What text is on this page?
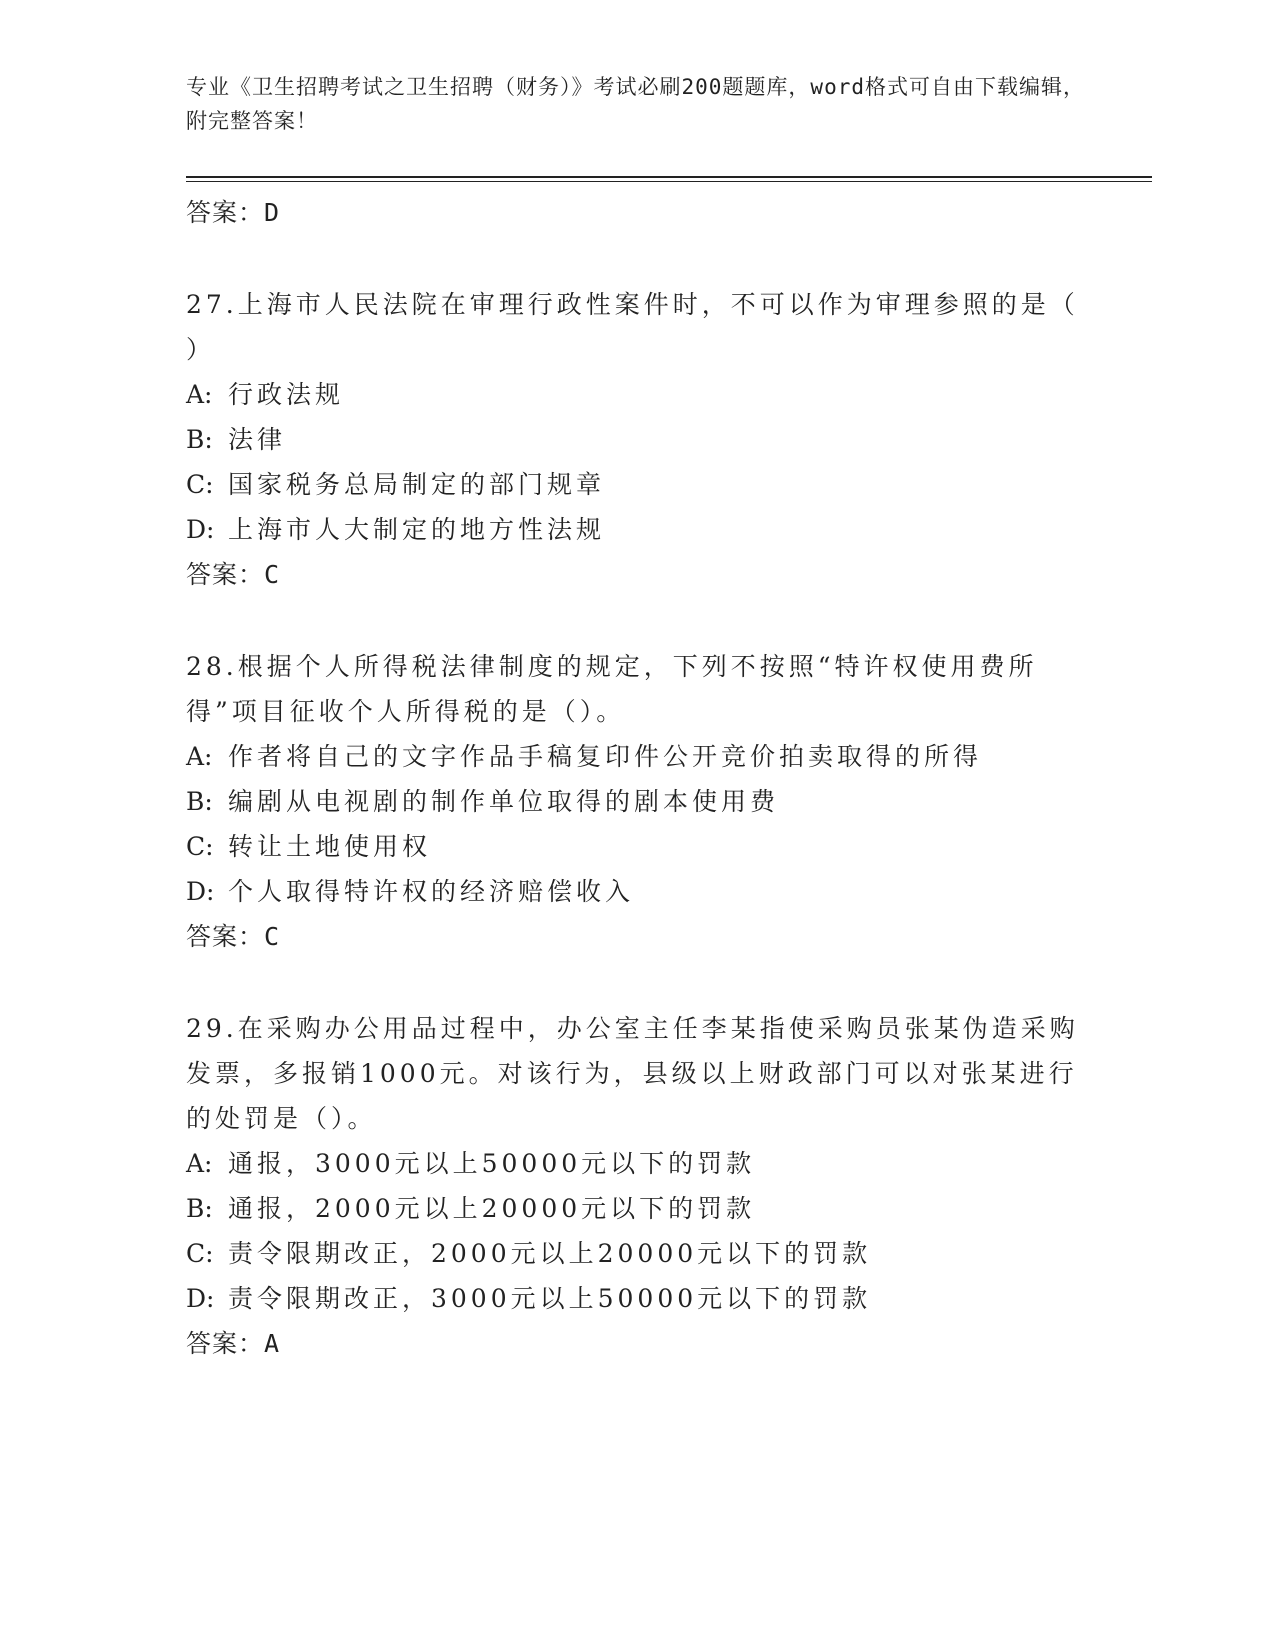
专业《卫生招聘考试之卫生招聘（财务）》考试必刷200题题库，word格式可自由下载编辑，附完整答案！
答案：D
27.上海市人民法院在审理行政性案件时，不可以作为审理参照的是（ ）
A: 行政法规
B: 法律
C: 国家税务总局制定的部门规章
D: 上海市人大制定的地方性法规
答案：C
28.根据个人所得税法律制度的规定，下列不按照“特许权使用费所得”项目征收个人所得税的是（）。
A: 作者将自己的文字作品手稿复印件公开竞价拍卖取得的所得
B: 编剧从电视剧的制作单位取得的剧本使用费
C: 转让土地使用权
D: 个人取得特许权的经济赔偿收入
答案：C
29.在采购办公用品过程中，办公室主任李某指使采购员张某伪造采购发票，多报销1000元。对该行为，县级以上财政部门可以对张某进行的处罚是（）。
A: 通报，3000元以上50000元以下的罚款
B: 通报，2000元以上20000元以下的罚款
C: 责令限期改正，2000元以上20000元以下的罚款
D: 责令限期改正，3000元以上50000元以下的罚款
答案：A
